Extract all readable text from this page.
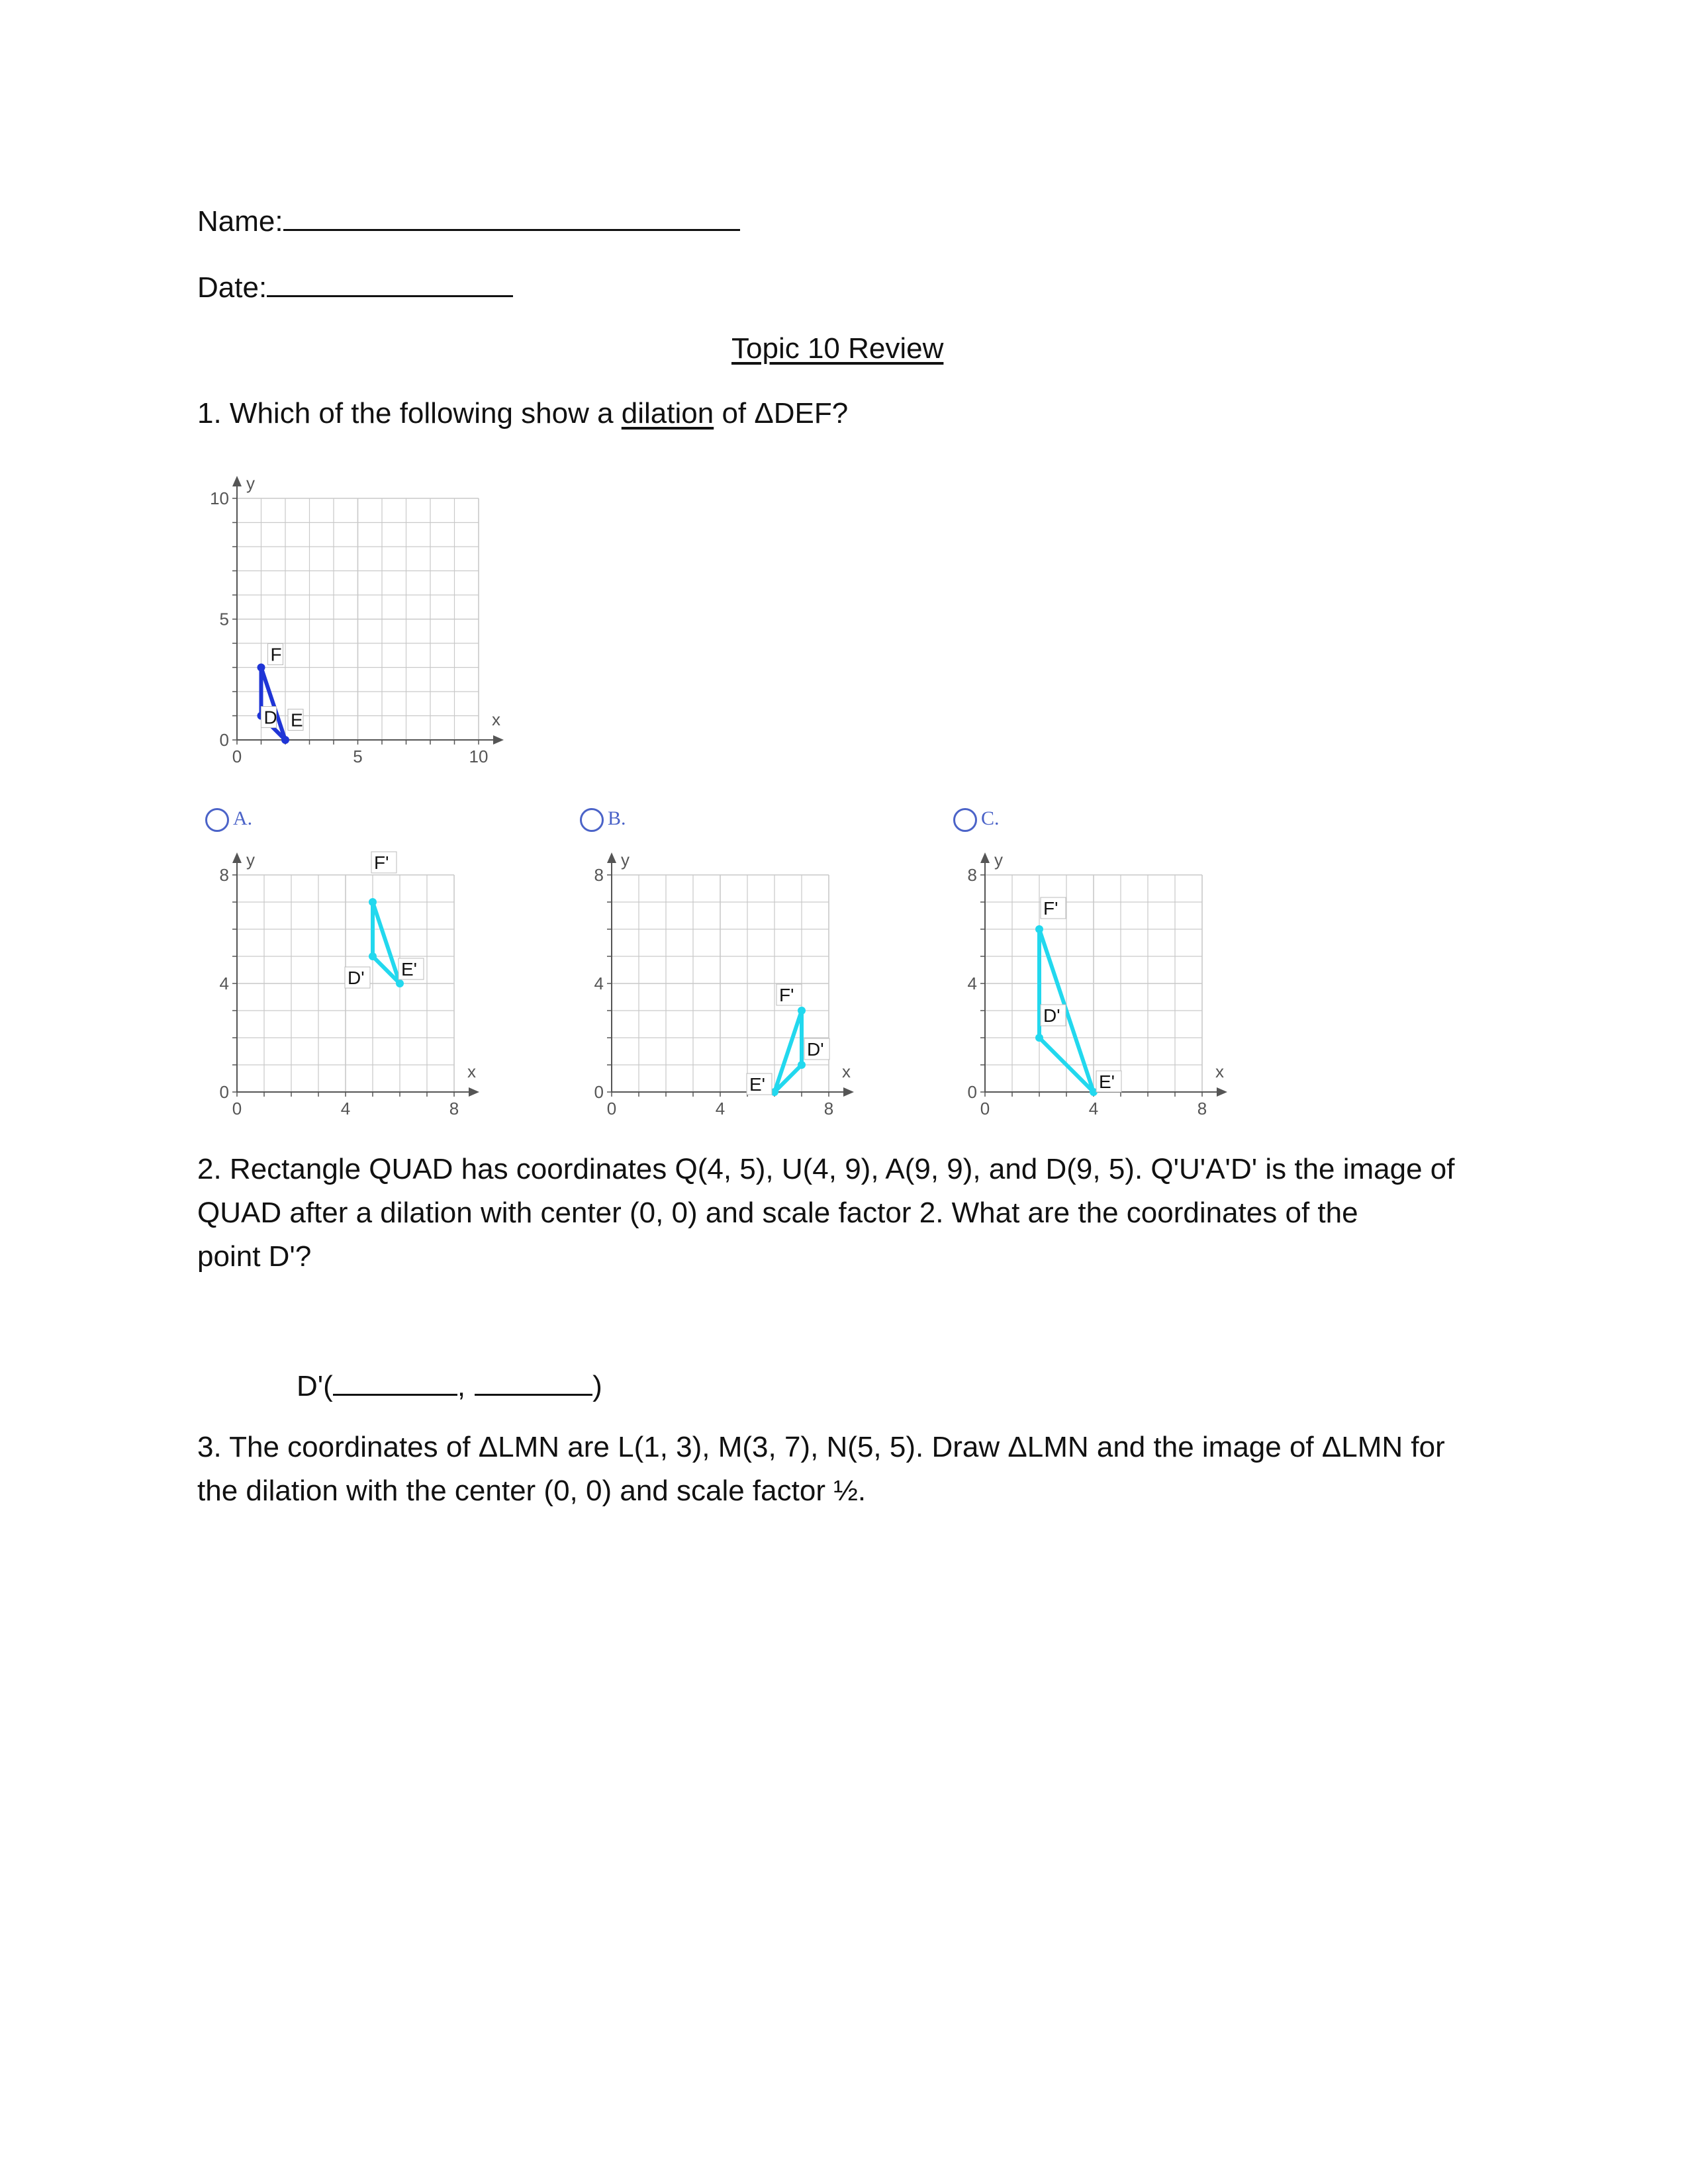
Name:
Date:
Topic 10 Review
1. Which of the following show a dilation of ΔDEF?
0	5	10
0
5
10
x
y
D E
F
A.	B.	C.
0	4	8
0
4
8
x
y
D' E'
F'
0	4	8
0
4
8
x
y
D'
E'
F'
0	4	8
0
4
8
x
y
D'
E'
F'
2. Rectangle QUAD has coordinates Q(4, 5), U(4, 9), A(9, 9), and D(9, 5). Q'U'A'D' is the image of
QUAD after a dilation with center (0, 0) and scale factor 2. What are the coordinates of the
point D'?
D'(	,	)
3. The coordinates of ΔLMN are L(1, 3), M(3, 7), N(5, 5). Draw ΔLMN and the image of ΔLMN for
the dilation with the center (0, 0) and scale factor ½.
